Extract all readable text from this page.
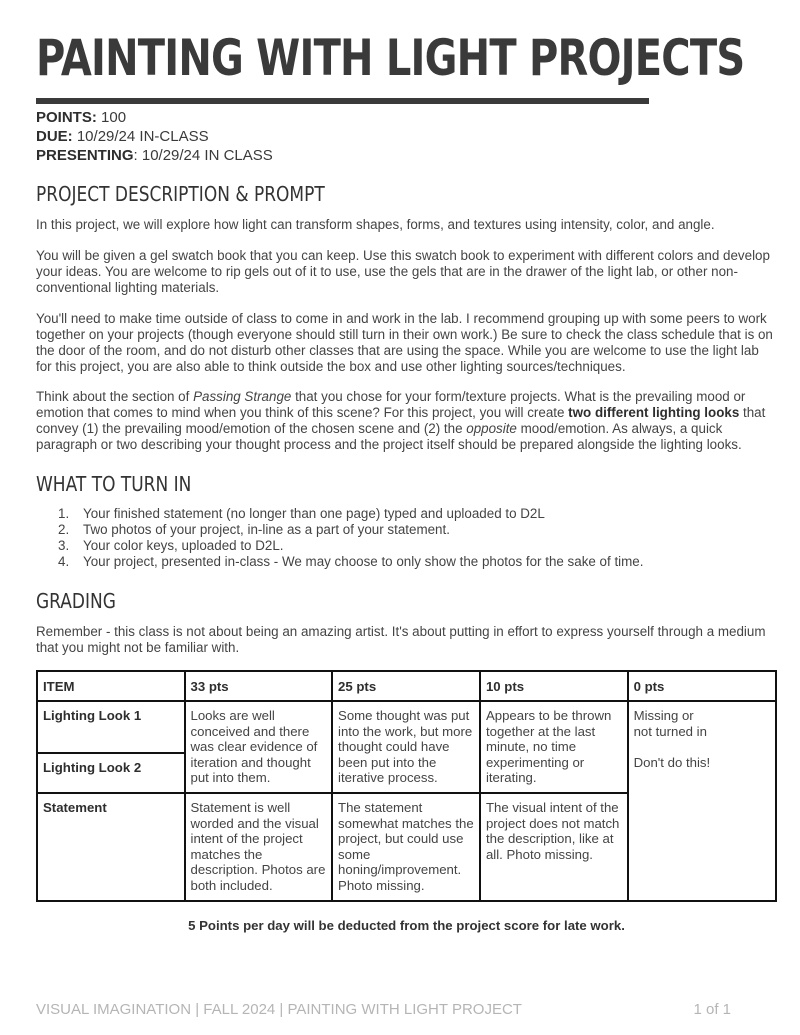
PAINTING WITH LIGHT PROJECTS
POINTS: 100
DUE: 10/29/24 IN-CLASS
PRESENTING: 10/29/24 IN CLASS
PROJECT DESCRIPTION & PROMPT

In this project, we will explore how light can transform shapes, forms, and textures using intensity, color, and angle.

You will be given a gel swatch book that you can keep. Use this swatch book to experiment with different colors and develop your ideas. You are welcome to rip gels out of it to use, use the gels that are in the drawer of the light lab, or other non-conventional lighting materials.

You'll need to make time outside of class to come in and work in the lab. I recommend grouping up with some peers to work together on your projects (though everyone should still turn in their own work.) Be sure to check the class schedule that is on the door of the room, and do not disturb other classes that are using the space. While you are welcome to use the light lab for this project, you are also able to think outside the box and use other lighting sources/techniques.

Think about the section of Passing Strange that you chose for your form/texture projects. What is the prevailing mood or emotion that comes to mind when you think of this scene? For this project, you will create two different lighting looks that convey (1) the prevailing mood/emotion of the chosen scene and (2) the opposite mood/emotion. As always, a quick paragraph or two describing your thought process and the project itself should be prepared alongside the lighting looks.

WHAT TO TURN IN
1. Your finished statement (no longer than one page) typed and uploaded to D2L
2. Two photos of your project, in-line as a part of your statement.
3. Your color keys, uploaded to D2L.
4. Your project, presented in-class - We may choose to only show the photos for the sake of time.
GRADING

Remember - this class is not about being an amazing artist. It's about putting in effort to express yourself through a medium that you might not be familiar with.

ITEM	33 pts	25 pts	10 pts	0 pts
Lighting Look 1	Looks are well conceived and there was clear evidence of iteration and thought put into them.	Some thought was put into the work, but more thought could have been put into the iterative process.	Appears to be thrown together at the last minute, no time experimenting or iterating.	Missing or
not turned in
Don't do this!

Lighting Look 2				
Statement	Statement is well worded and the visual intent of the project matches the description. Photos are both included.	The statement somewhat matches the project, but could use some honing/improvement. Photo missing.	The visual intent of the project does not match the description, like at all. Photo missing.	
5 Points per day will be deducted from the project score for late work.
VISUAL IMAGINATION | FALL 2024 | PAINTING WITH LIGHT PROJECT	1 of 1
